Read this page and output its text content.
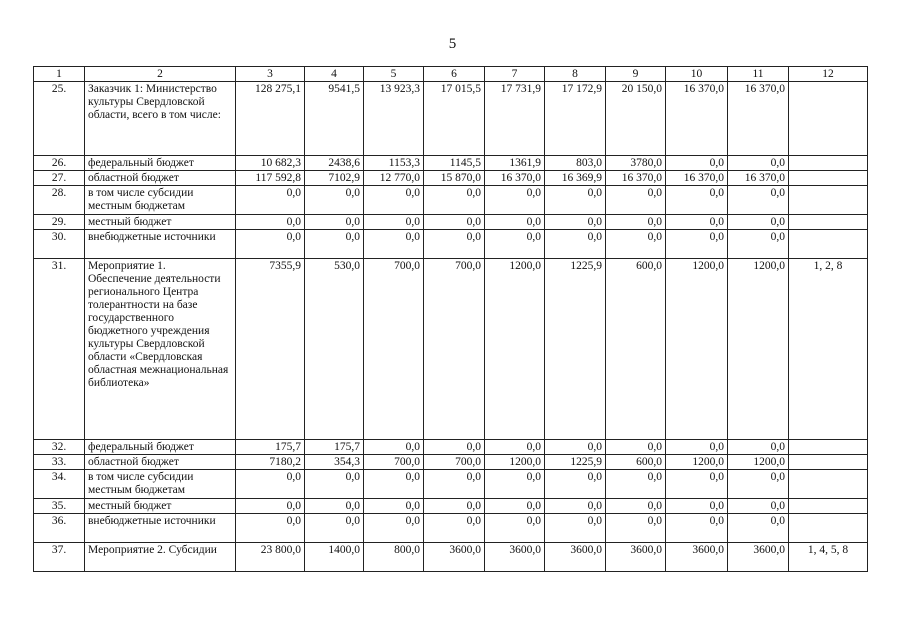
5
1	2	3	4	5	6	7	8	9	10	11	12
25.	Заказчик 1: Министерство культуры Свердловской области, всего в том числе:	128 275,1	9541,5	13 923,3	17 015,5	17 731,9	17 172,9	20 150,0	16 370,0	16 370,0	
26.	федеральный бюджет	10 682,3	2438,6	1153,3	1145,5	1361,9	803,0	3780,0	0,0	0,0	
27.	областной бюджет	117 592,8	7102,9	12 770,0	15 870,0	16 370,0	16 369,9	16 370,0	16 370,0	16 370,0	
28.	в том числе субсидии местным бюджетам	0,0	0,0	0,0	0,0	0,0	0,0	0,0	0,0	0,0	
29.	местный бюджет	0,0	0,0	0,0	0,0	0,0	0,0	0,0	0,0	0,0	
30.	внебюджетные источники	0,0	0,0	0,0	0,0	0,0	0,0	0,0	0,0	0,0	
31.	Мероприятие 1. Обеспечение деятельности регионального Центра толерантности на базе государственного бюджетного учреждения культуры Свердловской области «Свердловская областная межнациональная библиотека»	7355,9	530,0	700,0	700,0	1200,0	1225,9	600,0	1200,0	1200,0	1, 2, 8
32.	федеральный бюджет	175,7	175,7	0,0	0,0	0,0	0,0	0,0	0,0	0,0	
33.	областной бюджет	7180,2	354,3	700,0	700,0	1200,0	1225,9	600,0	1200,0	1200,0	
34.	в том числе субсидии местным бюджетам	0,0	0,0	0,0	0,0	0,0	0,0	0,0	0,0	0,0	
35.	местный бюджет	0,0	0,0	0,0	0,0	0,0	0,0	0,0	0,0	0,0	
36.	внебюджетные источники	0,0	0,0	0,0	0,0	0,0	0,0	0,0	0,0	0,0	
37.	Мероприятие 2. Субсидии	23 800,0	1400,0	800,0	3600,0	3600,0	3600,0	3600,0	3600,0	3600,0	1, 4, 5, 8
